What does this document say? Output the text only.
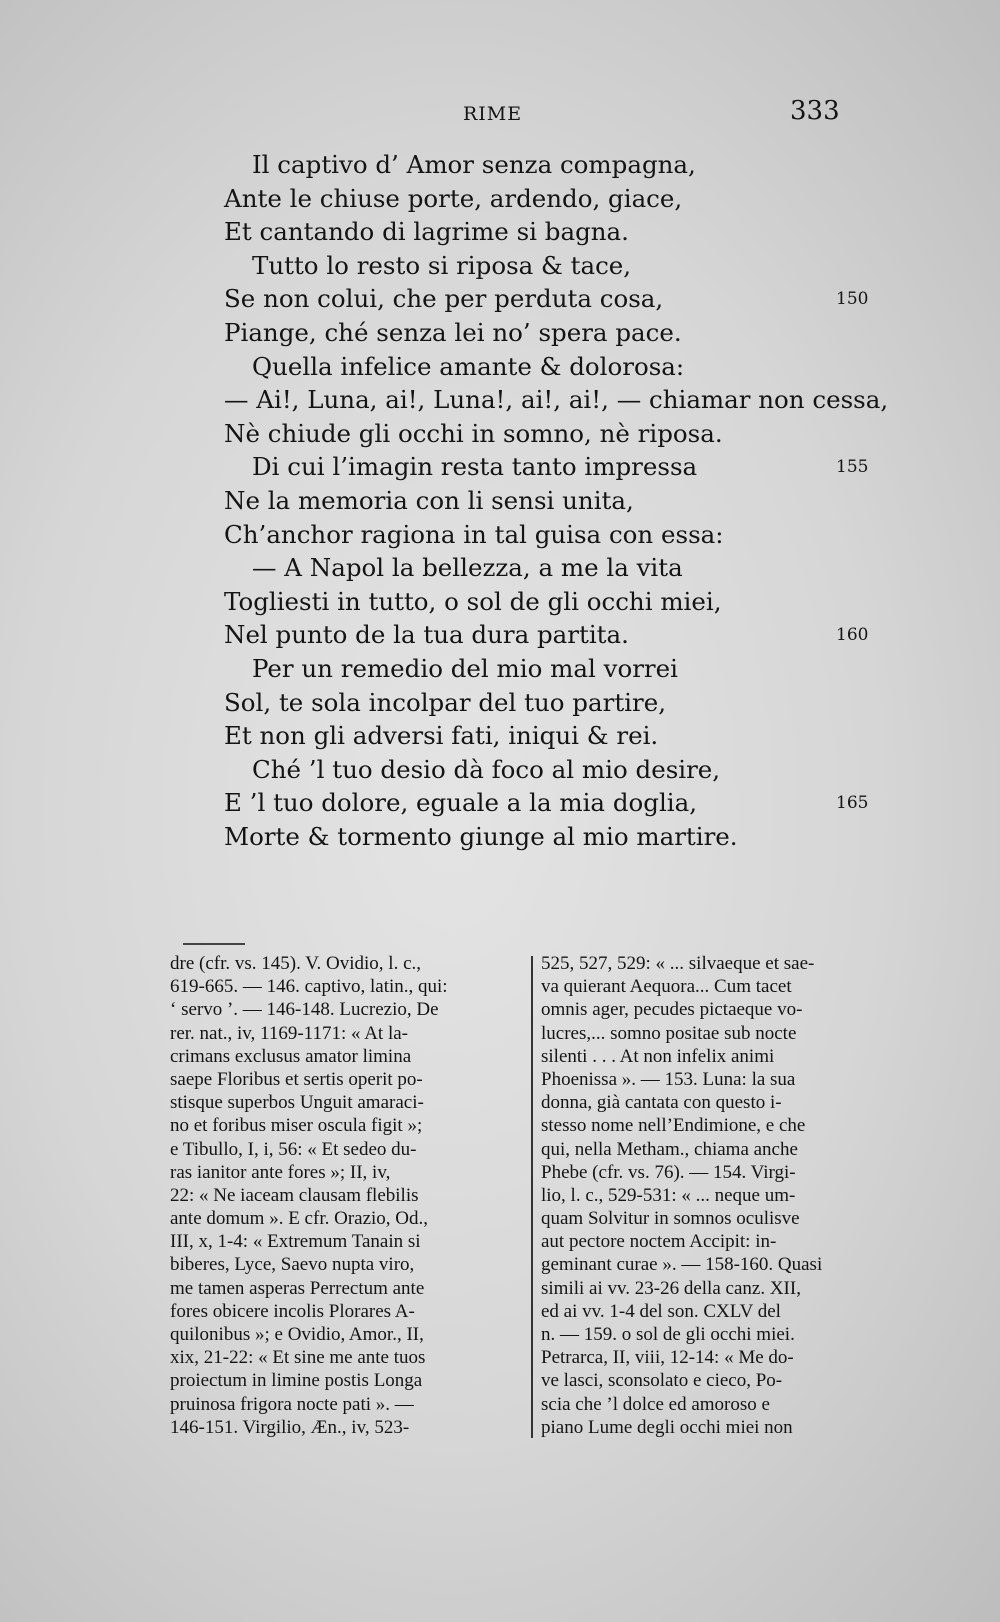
RIME	333
Il captivo d’ Amor senza compagna,
Ante le chiuse porte, ardendo, giace,
Et cantando di lagrime si bagna.
Tutto lo resto si riposa & tace,
Se non colui, che per perduta cosa,	150
Piange, ché senza lei no’ spera pace.
Quella infelice amante & dolorosa:
— Ai!, Luna, ai!, Luna!, ai!, ai!, — chiamar non cessa,
Nè chiude gli occhi in somno, nè riposa.
Di cui l’imagin resta tanto impressa	155
Ne la memoria con li sensi unita,
Ch’anchor ragiona in tal guisa con essa:
— A Napol la bellezza, a me la vita
Togliesti in tutto, o sol de gli occhi miei,
Nel punto de la tua dura partita.	160
Per un remedio del mio mal vorrei
Sol, te sola incolpar del tuo partire,
Et non gli adversi fati, iniqui & rei.
Ché ’l tuo desio dà foco al mio desire,
E ’l tuo dolore, eguale a la mia doglia,	165
Morte & tormento giunge al mio martire.
dre (cfr. vs. 145). V. Ovidio, l. c.,
619-665. — 146. captivo, latin., qui:
‘ servo ’. — 146-148. Lucrezio, De
rer. nat., iv, 1169-1171: « At la-
crimans exclusus amator limina
saepe Floribus et sertis operit po-
stisque superbos Unguit amaraci-
no et foribus miser oscula figit »;
e Tibullo, I, i, 56: « Et sedeo du-
ras ianitor ante fores »; II, iv,
22: « Ne iaceam clausam flebilis
ante domum ». E cfr. Orazio, Od.,
III, x, 1-4: « Extremum Tanain si
biberes, Lyce, Saevo nupta viro,
me tamen asperas Perrectum ante
fores obicere incolis Plorares A-
quilonibus »; e Ovidio, Amor., II,
xix, 21-22: « Et sine me ante tuos
proiectum in limine postis Longa
pruinosa frigora nocte pati ». —
146-151. Virgilio, Æn., iv, 523-
525, 527, 529: « ... silvaeque et sae-
va quierant Aequora... Cum tacet
omnis ager, pecudes pictaeque vo-
lucres,... somno positae sub nocte
silenti . . . At non infelix animi
Phoenissa ». — 153. Luna: la sua
donna, già cantata con questo i-
stesso nome nell’Endimione, e che
qui, nella Metham., chiama anche
Phebe (cfr. vs. 76). — 154. Virgi-
lio, l. c., 529-531: « ... neque um-
quam Solvitur in somnos oculisve
aut pectore noctem Accipit: in-
geminant curae ». — 158-160. Quasi
simili ai vv. 23-26 della canz. XII,
ed ai vv. 1-4 del son. CXLV del
n. — 159. o sol de gli occhi miei.
Petrarca, II, viii, 12-14: « Me do-
ve lasci, sconsolato e cieco, Po-
scia che ’l dolce ed amoroso e
piano Lume degli occhi miei non
